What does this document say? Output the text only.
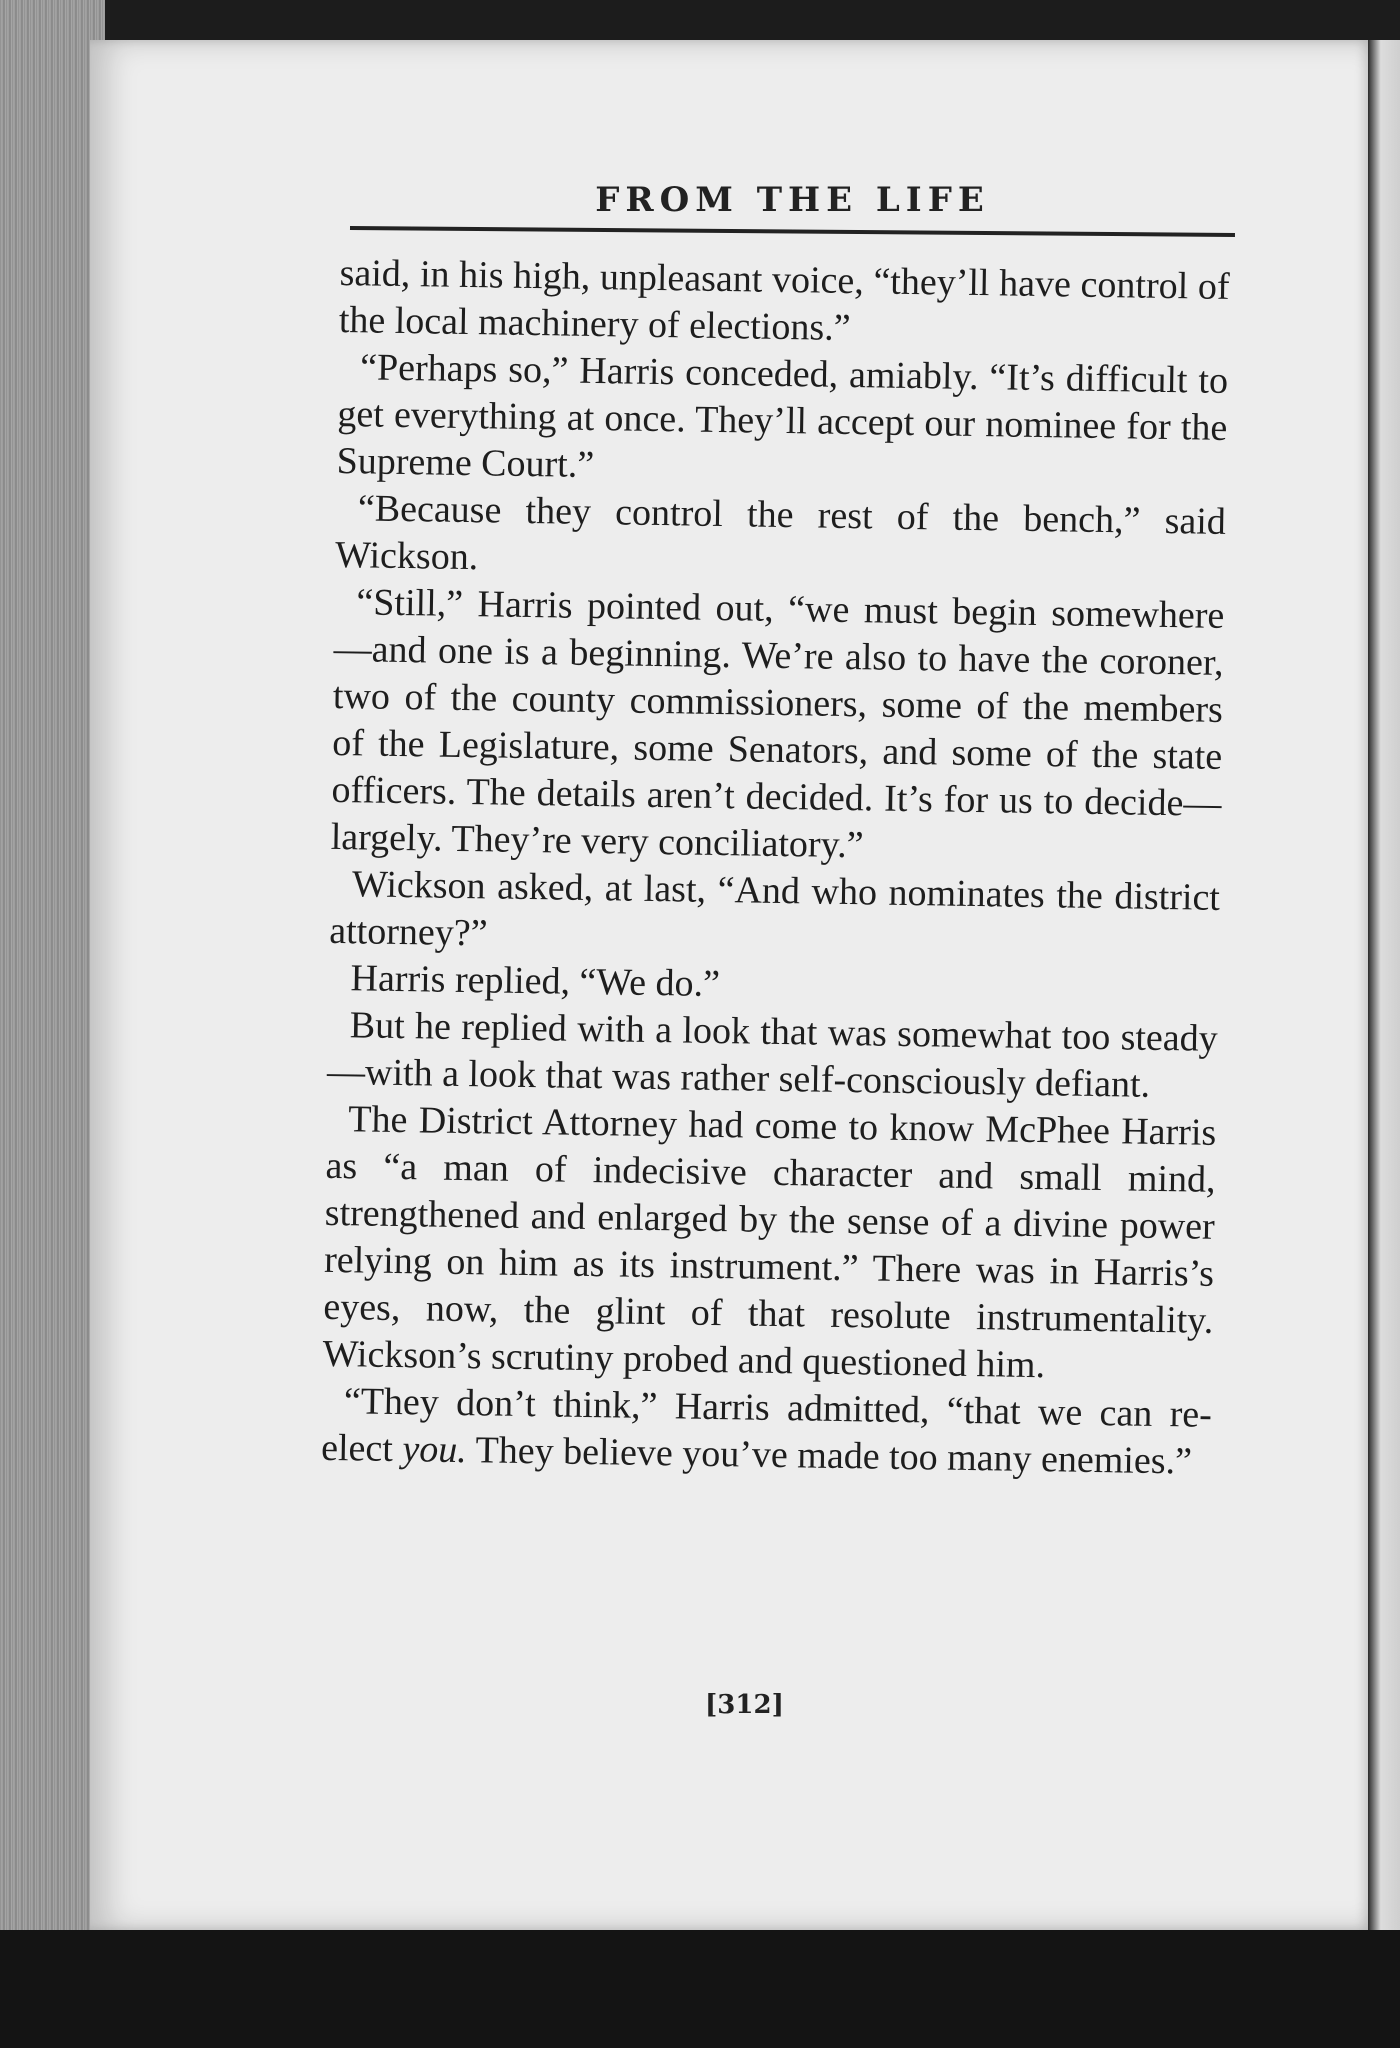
FROM THE LIFE

said, in his high, unpleasant voice, “they’ll have control of the local machinery of elections.”

“Perhaps so,” Harris conceded, amiably. “It’s difficult to get everything at once. They’ll accept our nominee for the Supreme Court.”

“Because they control the rest of the bench,” said Wickson.

“Still,” Harris pointed out, “we must begin somewhere—and one is a beginning. We’re also to have the coroner, two of the county commissioners, some of the members of the Legislature, some Senators, and some of the state officers. The details aren’t decided. It’s for us to decide—largely. They’re very conciliatory.”

Wickson asked, at last, “And who nominates the district attorney?”

Harris replied, “We do.”

But he replied with a look that was somewhat too steady—with a look that was rather self-consciously defiant.

The District Attorney had come to know McPhee Harris as “a man of indecisive character and small mind, strengthened and enlarged by the sense of a divine power relying on him as its instrument.” There was in Harris’s eyes, now, the glint of that resolute instrumentality. Wickson’s scrutiny probed and questioned him.

“They don’t think,” Harris admitted, “that we can re-elect you. They believe you’ve made too many enemies.”

[312]
